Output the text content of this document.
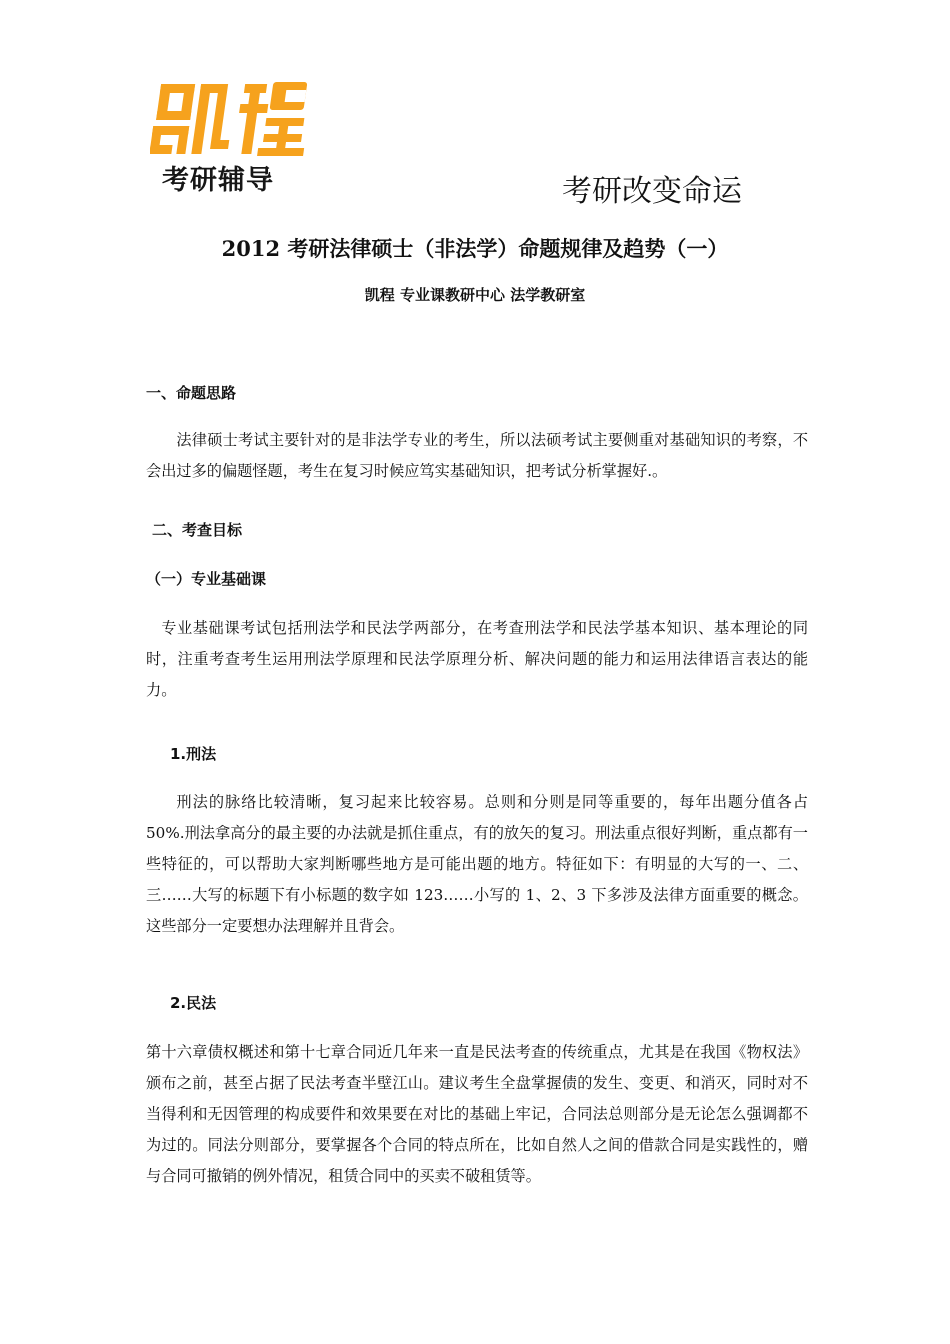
考研辅导	考研改变命运
2012 考研法律硕士（非法学）命题规律及趋势（一）
凯程 专业课教研中心 法学教研室
一、命题思路

法律硕士考试主要针对的是非法学专业的考生，所以法硕考试主要侧重对基础知识的考察，不会出过多的偏题怪题，考生在复习时候应笃实基础知识，把考试分析掌握好.。

二、考查目标
（一）专业基础课

专业基础课考试包括刑法学和民法学两部分，在考查刑法学和民法学基本知识、基本理论的同时，注重考查考生运用刑法学原理和民法学原理分析、解决问题的能力和运用法律语言表达的能力。

1.刑法

刑法的脉络比较清晰，复习起来比较容易。总则和分则是同等重要的，每年出题分值各占 50%.刑法拿高分的最主要的办法就是抓住重点，有的放矢的复习。刑法重点很好判断，重点都有一些特征的，可以帮助大家判断哪些地方是可能出题的地方。特征如下：有明显的大写的一、二、三……大写的标题下有小标题的数字如 123……小写的 1、2、3 下多涉及法律方面重要的概念。这些部分一定要想办法理解并且背会。

2.民法

第十六章债权概述和第十七章合同近几年来一直是民法考查的传统重点，尤其是在我国《物权法》颁布之前，甚至占据了民法考查半壁江山。建议考生全盘掌握债的发生、变更、和消灭，同时对不当得利和无因管理的构成要件和效果要在对比的基础上牢记，合同法总则部分是无论怎么强调都不为过的。同法分则部分，要掌握各个合同的特点所在，比如自然人之间的借款合同是实践性的，赠与合同可撤销的例外情况，租赁合同中的买卖不破租赁等。
